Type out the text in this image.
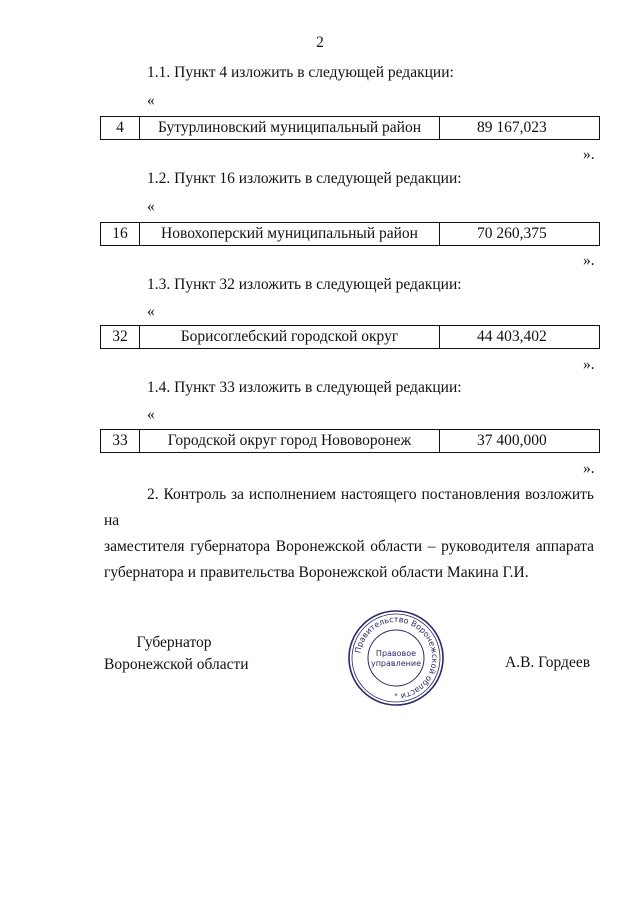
2
1.1. Пункт 4 изложить в следующей редакции:
«
4	Бутурлиновский муниципальный район	89 167,023
».
1.2. Пункт 16 изложить в следующей редакции:
«
16	Новохоперский муниципальный район	70 260,375
».
1.3. Пункт 32 изложить в следующей редакции:
«
32	Борисоглебский городской округ	44 403,402
».
1.4. Пункт 33 изложить в следующей редакции:
«
33	Городской округ город Нововоронеж	37 400,000
».
2. Контроль за исполнением настоящего постановления возложить на
заместителя губернатора Воронежской области – руководителя аппарата
губернатора и правительства Воронежской области Макина Г.И.
Губернатор
Воронежской области
Правительство Воронежской области
Правовое
управление
*
А.В. Гордеев
